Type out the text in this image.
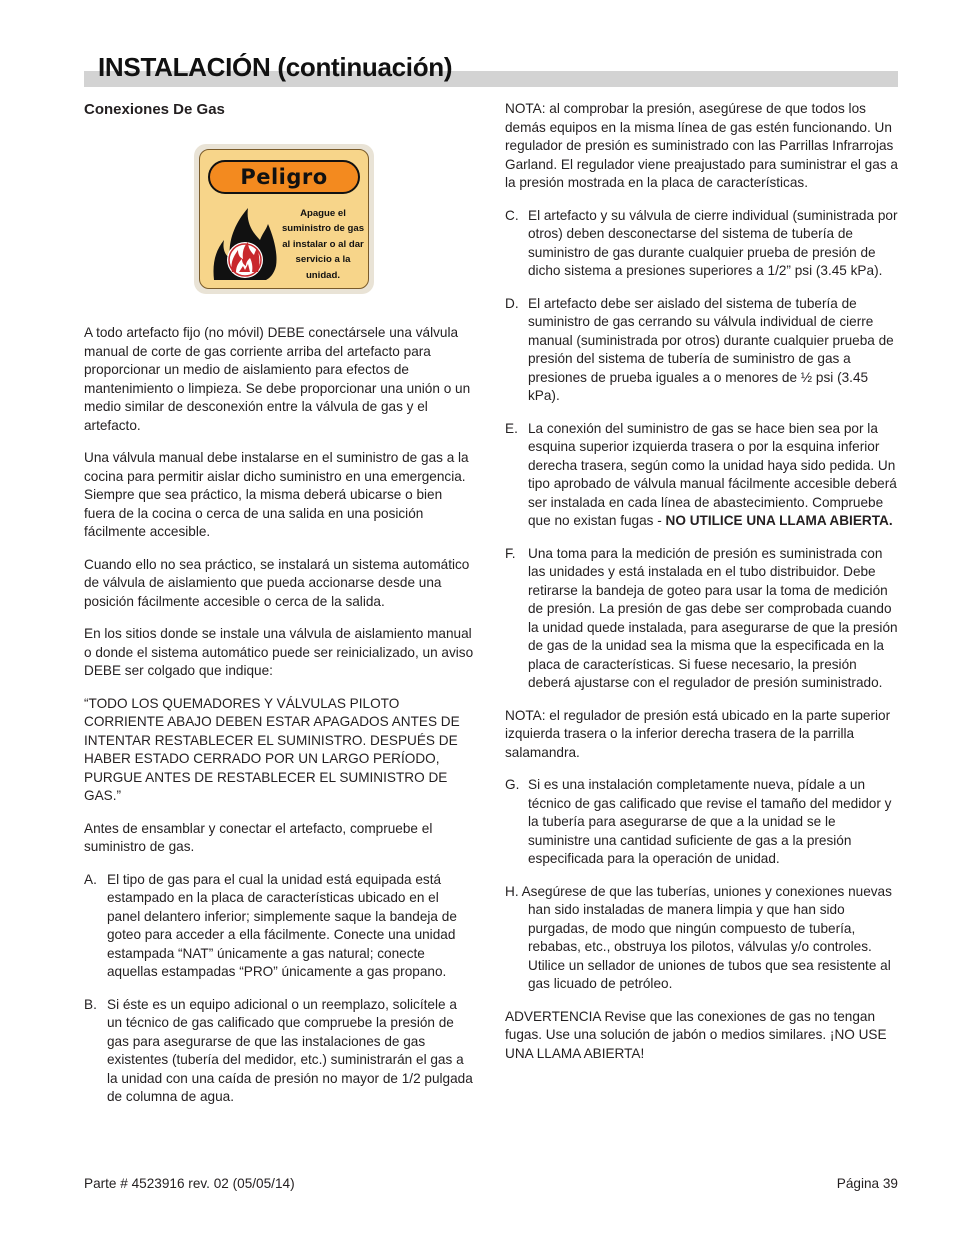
INSTALACIÓN (continuación)
Conexiones De Gas
Peligro
Apague el suministro de gas al instalar o al dar servicio a la unidad.

A todo artefacto fijo (no móvil) DEBE conectársele una válvula manual de corte de gas corriente arriba del artefacto para proporcionar un medio de aislamiento para efectos de mantenimiento o limpieza. Se debe proporcionar una unión o un medio similar de desconexión entre la válvula de gas y el artefacto.

Una válvula manual debe instalarse en el suministro de gas a la cocina para permitir aislar dicho suministro en una emergencia. Siempre que sea práctico, la misma deberá ubicarse o bien fuera de la cocina o cerca de una salida en una posición fácilmente accesible.

Cuando ello no sea práctico, se instalará un sistema automático de válvula de aislamiento que pueda accionarse desde una posición fácilmente accesible o cerca de la salida.

En los sitios donde se instale una válvula de aislamiento manual o donde el sistema automático puede ser reinicializado, un aviso DEBE ser colgado que indique:

“TODO LOS QUEMADORES Y VÁLVULAS PILOTO CORRIENTE ABAJO DEBEN ESTAR APAGADOS ANTES DE INTENTAR RESTABLECER EL SUMINISTRO. DESPUÉS DE HABER ESTADO CERRADO POR UN LARGO PERÍODO, PURGUE ANTES DE RESTABLECER EL SUMINISTRO DE GAS.”

Antes de ensamblar y conectar el artefacto, compruebe el suministro de gas.

A. El tipo de gas para el cual la unidad está equipada está estampado en la placa de características ubicado en el panel delantero inferior; simplemente saque la bandeja de goteo para acceder a ella fácilmente. Conecte una unidad estampada “NAT” únicamente a gas natural; conecte aquellas estampadas “PRO” únicamente a gas propano.
B. Si éste es un equipo adicional o un reemplazo, solicítele a un técnico de gas calificado que compruebe la presión de gas para asegurarse de que las instalaciones de gas existentes (tubería del medidor, etc.) suministrarán el gas a la unidad con una caída de presión no mayor de 1/2 pulgada de columna de agua.

NOTA: al comprobar la presión, asegúrese de que todos los demás equipos en la misma línea de gas estén funcionando. Un regulador de presión es suministrado con las Parrillas Infrarrojas Garland. El regulador viene preajustado para suministrar el gas a la presión mostrada en la placa de características.

C. El artefacto y su válvula de cierre individual (suministrada por otros) deben desconectarse del sistema de tubería de suministro de gas durante cualquier prueba de presión de dicho sistema a presiones superiores a 1/2” psi (3.45 kPa).
D. El artefacto debe ser aislado del sistema de tubería de suministro de gas cerrando su válvula individual de cierre manual (suministrada por otros) durante cualquier prueba de presión del sistema de tubería de suministro de gas a presiones de prueba iguales a o menores de ½ psi (3.45 kPa).
E. La conexión del suministro de gas se hace bien sea por la esquina superior izquierda trasera o por la esquina inferior derecha trasera, según como la unidad haya sido pedida. Un tipo aprobado de válvula manual fácilmente accesible deberá ser instalada en cada línea de abastecimiento. Compruebe que no existan fugas - NO UTILICE UNA LLAMA ABIERTA.
F. Una toma para la medición de presión es suministrada con las unidades y está instalada en el tubo distribuidor. Debe retirarse la bandeja de goteo para usar la toma de medición de presión. La presión de gas debe ser comprobada cuando la unidad quede instalada, para asegurarse de que la presión de gas de la unidad sea la misma que la especificada en la placa de características. Si fuese necesario, la presión deberá ajustarse con el regulador de presión suministrado.

NOTA: el regulador de presión está ubicado en la parte superior izquierda trasera o la inferior derecha trasera de la parrilla salamandra.

G. Si es una instalación completamente nueva, pídale a un técnico de gas calificado que revise el tamaño del medidor y la tubería para asegurarse de que a la unidad se le suministre una cantidad suficiente de gas a la presión especificada para la operación de unidad.
H. Asegúrese de que las tuberías, uniones y conexiones nuevas han sido instaladas de manera limpia y que han sido purgadas, de modo que ningún compuesto de tubería, rebabas, etc., obstruya los pilotos, válvulas y/o controles. Utilice un sellador de uniones de tubos que sea resistente al gas licuado de petróleo.

ADVERTENCIA Revise que las conexiones de gas no tengan fugas. Use una solución de jabón o medios similares. ¡NO USE UNA LLAMA ABIERTA!

Parte # 4523916 rev. 02 (05/05/14)	Página 39
